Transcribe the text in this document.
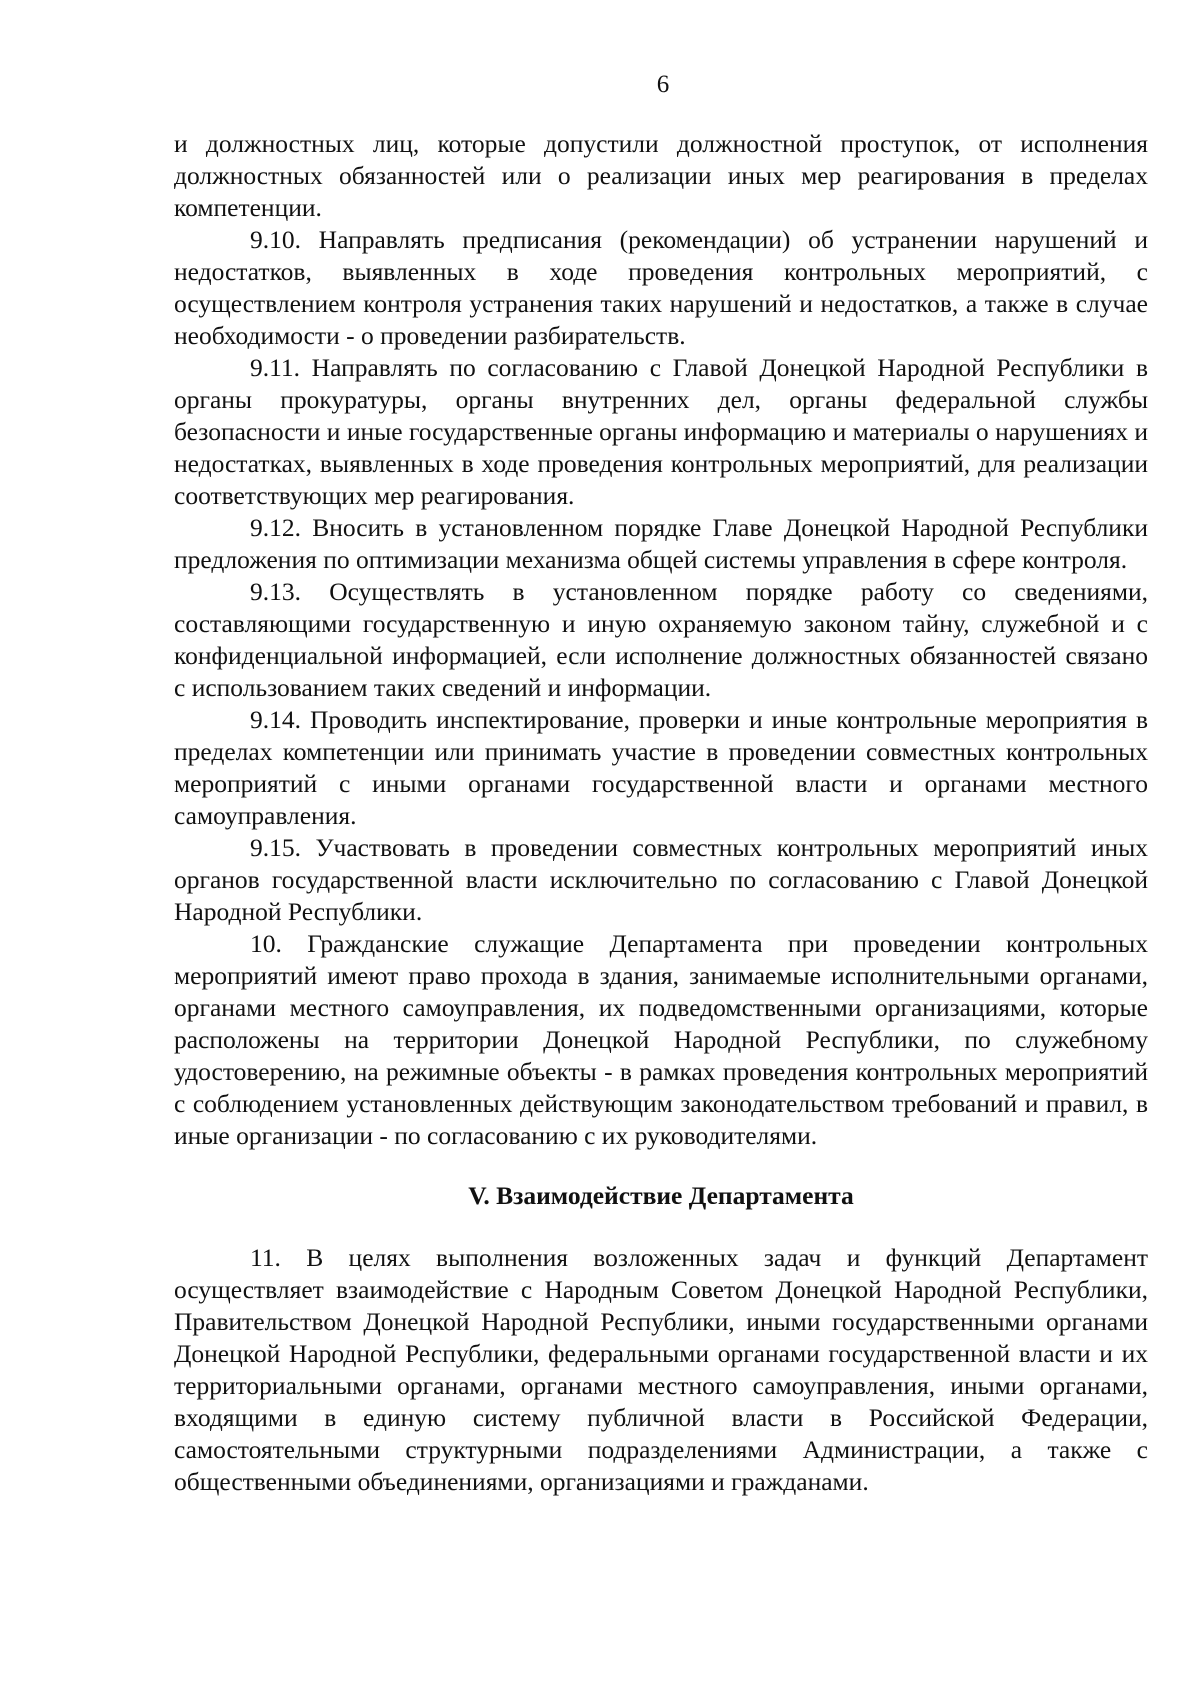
6

и должностных лиц, которые допустили должностной проступок, от исполнения должностных обязанностей или о реализации иных мер реагирования в пределах компетенции.

9.10. Направлять предписания (рекомендации) об устранении нарушений и недостатков, выявленных в ходе проведения контрольных мероприятий, с осуществлением контроля устранения таких нарушений и недостатков, а также в случае необходимости - о проведении разбирательств.

9.11. Направлять по согласованию с Главой Донецкой Народной Республики в органы прокуратуры, органы внутренних дел, органы федеральной службы безопасности и иные государственные органы информацию и материалы о нарушениях и недостатках, выявленных в ходе проведения контрольных мероприятий, для реализации соответствующих мер реагирования.

9.12. Вносить в установленном порядке Главе Донецкой Народной Республики предложения по оптимизации механизма общей системы управления в сфере контроля.

9.13. Осуществлять в установленном порядке работу со сведениями, составляющими государственную и иную охраняемую законом тайну, служебной и с конфиденциальной информацией, если исполнение должностных обязанностей связано с использованием таких сведений и информации.

9.14. Проводить инспектирование, проверки и иные контрольные мероприятия в пределах компетенции или принимать участие в проведении совместных контрольных мероприятий с иными органами государственной власти и органами местного самоуправления.

9.15. Участвовать в проведении совместных контрольных мероприятий иных органов государственной власти исключительно по согласованию с Главой Донецкой Народной Республики.

10. Гражданские служащие Департамента при проведении контрольных мероприятий имеют право прохода в здания, занимаемые исполнительными органами, органами местного самоуправления, их подведомственными организациями, которые расположены на территории Донецкой Народной Республики, по служебному удостоверению, на режимные объекты - в рамках проведения контрольных мероприятий с соблюдением установленных действующим законодательством требований и правил, в иные организации - по согласованию с их руководителями.

V. Взаимодействие Департамента

11. В целях выполнения возложенных задач и функций Департамент осуществляет взаимодействие с Народным Советом Донецкой Народной Республики, Правительством Донецкой Народной Республики, иными государственными органами Донецкой Народной Республики, федеральными органами государственной власти и их территориальными органами, органами местного самоуправления, иными органами, входящими в единую систему публичной власти в Российской Федерации, самостоятельными структурными подразделениями Администрации, а также с общественными объединениями, организациями и гражданами.
